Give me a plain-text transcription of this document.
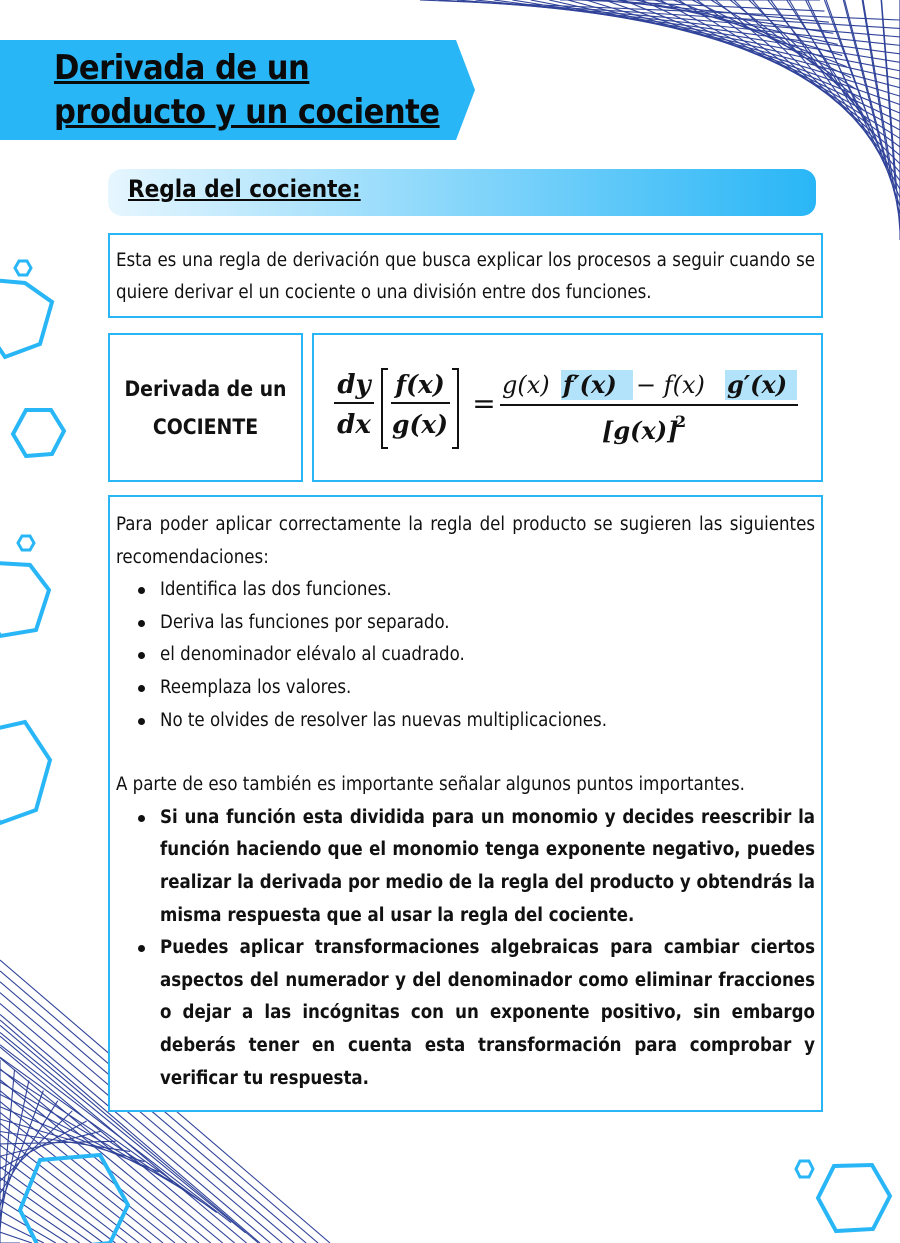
Derivada de un producto y un cociente
Regla del cociente:
Esta es una regla de derivación que busca explicar los procesos a seguir cuando se quiere derivar el un cociente o una división entre dos funciones.
Derivada de un
COCIENTE
dy
dx
f(x)
g(x)
=
g(x) f′(x) − f(x) g′(x)
[g(x)]
2

Para poder aplicar correctamente la regla del producto se sugieren las siguientes recomendaciones:

Identifica las dos funciones.
Deriva las funciones por separado.
el denominador elévalo al cuadrado.
Reemplaza los valores.
No te olvides de resolver las nuevas multiplicaciones.

A parte de eso también es importante señalar algunos puntos importantes.

Si una función esta dividida para un monomio y decides reescribir la función haciendo que el monomio tenga exponente negativo, puedes realizar la derivada por medio de la regla del producto y obtendrás la misma respuesta que al usar la regla del cociente.
Puedes aplicar transformaciones algebraicas para cambiar ciertos aspectos del numerador y del denominador como eliminar fracciones o dejar a las incógnitas con un exponente positivo, sin embargo deberás tener en cuenta esta transformación para comprobar y verificar tu respuesta.
